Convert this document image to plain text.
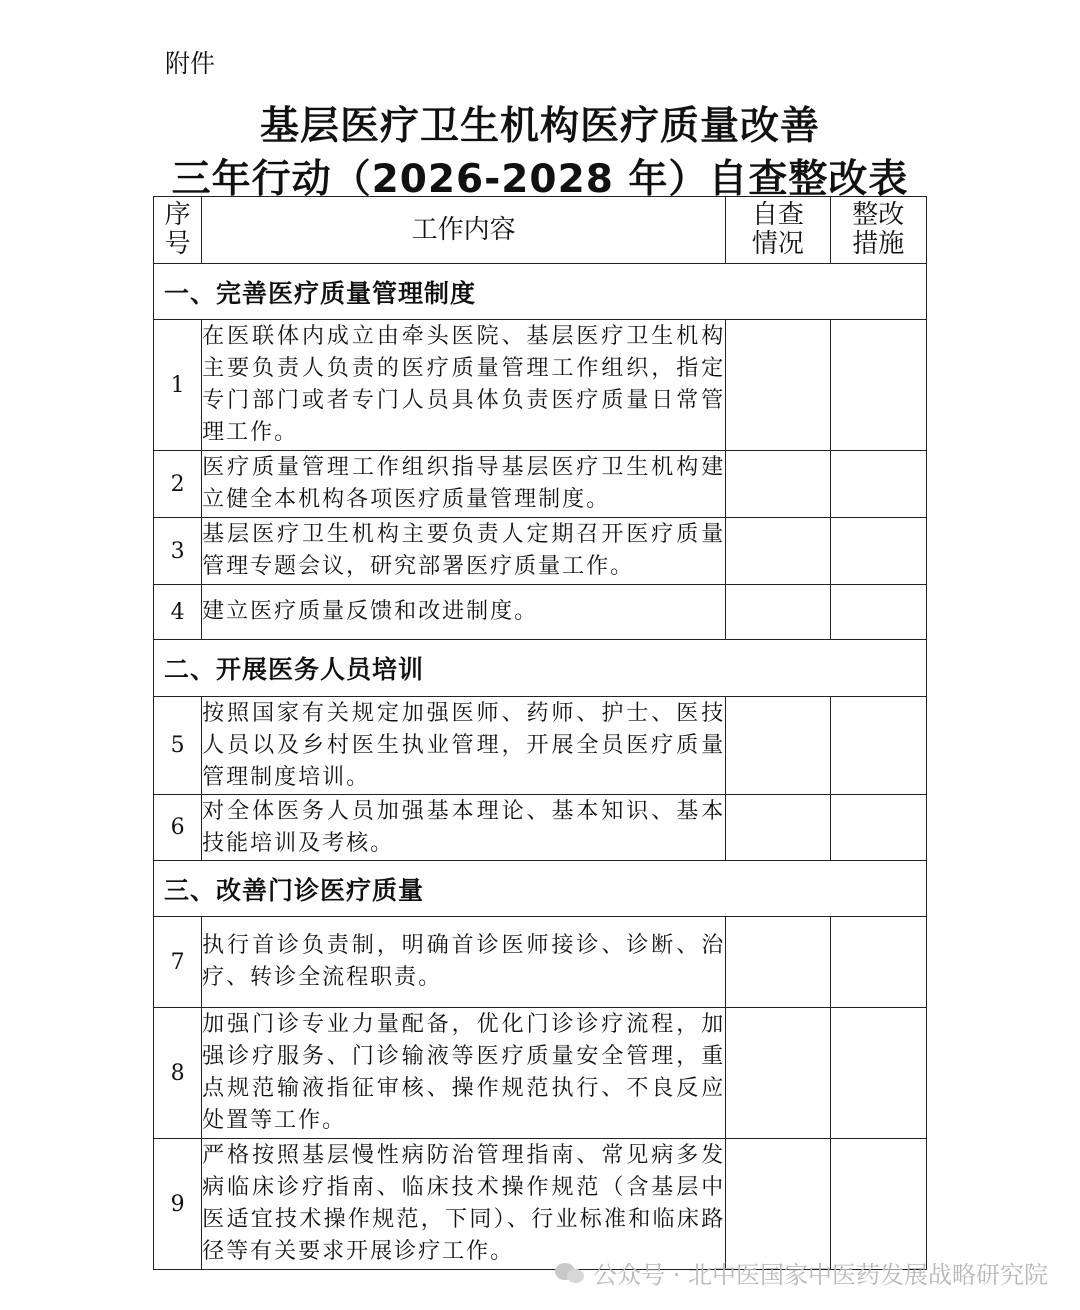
附件
基层医疗卫生机构医疗质量改善
三年行动（2026-2028 年）自查整改表
序号	工作内容	自查情况	整改措施

一、完善医疗质量管理制度			
1	在医联体内成立由牵头医院、基层医疗卫生机构主要负责人负责的医疗质量管理工作组织，指定专门部门或者专门人员具体负责医疗质量日常管理工作。		
2	医疗质量管理工作组织指导基层医疗卫生机构建立健全本机构各项医疗质量管理制度。		
3	基层医疗卫生机构主要负责人定期召开医疗质量管理专题会议，研究部署医疗质量工作。		
4	建立医疗质量反馈和改进制度。		
二、开展医务人员培训			
5	按照国家有关规定加强医师、药师、护士、医技人员以及乡村医生执业管理，开展全员医疗质量管理制度培训。		
6	对全体医务人员加强基本理论、基本知识、基本技能培训及考核。		
三、改善门诊医疗质量			
7	执行首诊负责制，明确首诊医师接诊、诊断、治疗、转诊全流程职责。		
8	加强门诊专业力量配备，优化门诊诊疗流程，加强诊疗服务、门诊输液等医疗质量安全管理，重点规范输液指征审核、操作规范执行、不良反应处置等工作。		
9	严格按照基层慢性病防治管理指南、常见病多发病临床诊疗指南、临床技术操作规范（含基层中医适宜技术操作规范，下同）、行业标准和临床路径等有关要求开展诊疗工作。		
公众号 · 北中医国家中医药发展战略研究院
